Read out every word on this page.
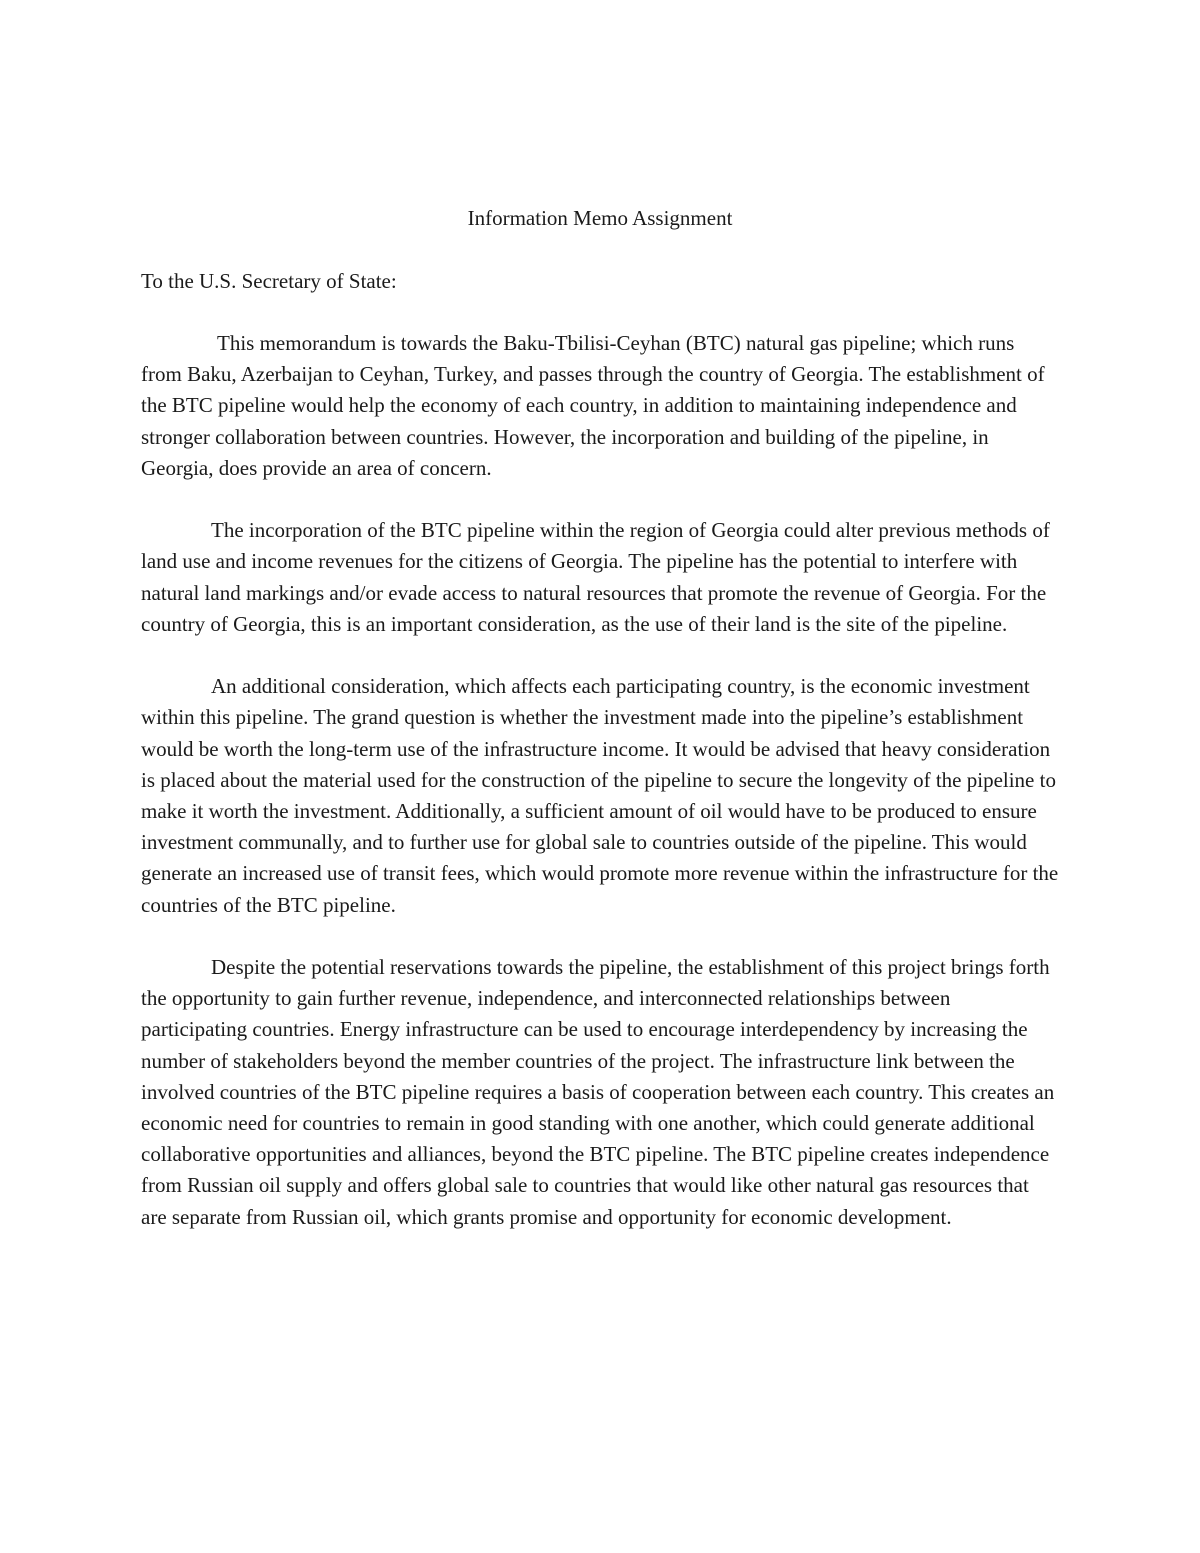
Information Memo Assignment

To the U.S. Secretary of State:

This memorandum is towards the Baku-Tbilisi-Ceyhan (BTC) natural gas pipeline; which runs from Baku, Azerbaijan to Ceyhan, Turkey, and passes through the country of Georgia. The establishment of the BTC pipeline would help the economy of each country, in addition to maintaining independence and stronger collaboration between countries. However, the incorporation and building of the pipeline, in Georgia, does provide an area of concern.

The incorporation of the BTC pipeline within the region of Georgia could alter previous methods of land use and income revenues for the citizens of Georgia. The pipeline has the potential to interfere with natural land markings and/or evade access to natural resources that promote the revenue of Georgia. For the country of Georgia, this is an important consideration, as the use of their land is the site of the pipeline.

An additional consideration, which affects each participating country, is the economic investment within this pipeline. The grand question is whether the investment made into the pipeline’s establishment would be worth the long-term use of the infrastructure income. It would be advised that heavy consideration is placed about the material used for the construction of the pipeline to secure the longevity of the pipeline to make it worth the investment. Additionally, a sufficient amount of oil would have to be produced to ensure investment communally, and to further use for global sale to countries outside of the pipeline. This would generate an increased use of transit fees, which would promote more revenue within the infrastructure for the countries of the BTC pipeline.

Despite the potential reservations towards the pipeline, the establishment of this project brings forth the opportunity to gain further revenue, independence, and interconnected relationships between participating countries. Energy infrastructure can be used to encourage interdependency by increasing the number of stakeholders beyond the member countries of the project. The infrastructure link between the involved countries of the BTC pipeline requires a basis of cooperation between each country. This creates an economic need for countries to remain in good standing with one another, which could generate additional collaborative opportunities and alliances, beyond the BTC pipeline. The BTC pipeline creates independence from Russian oil supply and offers global sale to countries that would like other natural gas resources that are separate from Russian oil, which grants promise and opportunity for economic development.
